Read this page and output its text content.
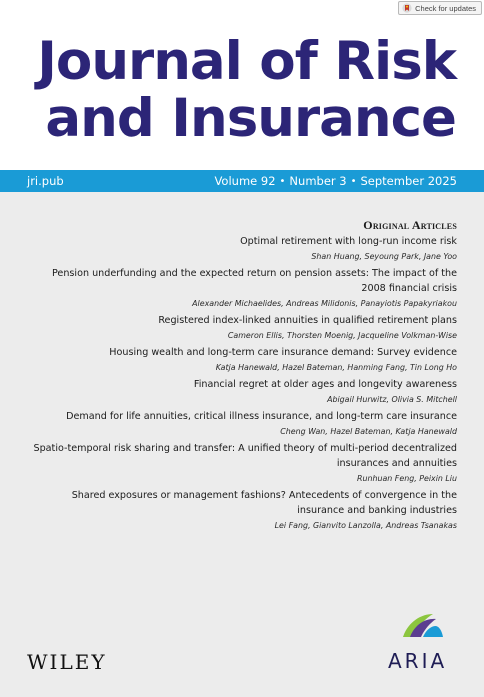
Check for updates
Journal of Risk
and Insurance
jri.pub	Volume 92 • Number 3 • September 2025
Original Articles

Optimal retirement with long-run income risk

Shan Huang, Seyoung Park, Jane Yoo

Pension underfunding and the expected return on pension assets: The impact of the 2008 financial crisis

Alexander Michaelides, Andreas Milidonis, Panayiotis Papakyriakou

Registered index-linked annuities in qualified retirement plans

Cameron Ellis, Thorsten Moenig, Jacqueline Volkman-Wise

Housing wealth and long-term care insurance demand: Survey evidence

Katja Hanewald, Hazel Bateman, Hanming Fang, Tin Long Ho

Financial regret at older ages and longevity awareness

Abigail Hurwitz, Olivia S. Mitchell

Demand for life annuities, critical illness insurance, and long-term care insurance

Cheng Wan, Hazel Bateman, Katja Hanewald

Spatio-temporal risk sharing and transfer: A unified theory of multi-period decentralized insurances and annuities

Runhuan Feng, Peixin Liu

Shared exposures or management fashions? Antecedents of convergence in the insurance and banking industries

Lei Fang, Gianvito Lanzolla, Andreas Tsanakas

WILEY	ARIA
